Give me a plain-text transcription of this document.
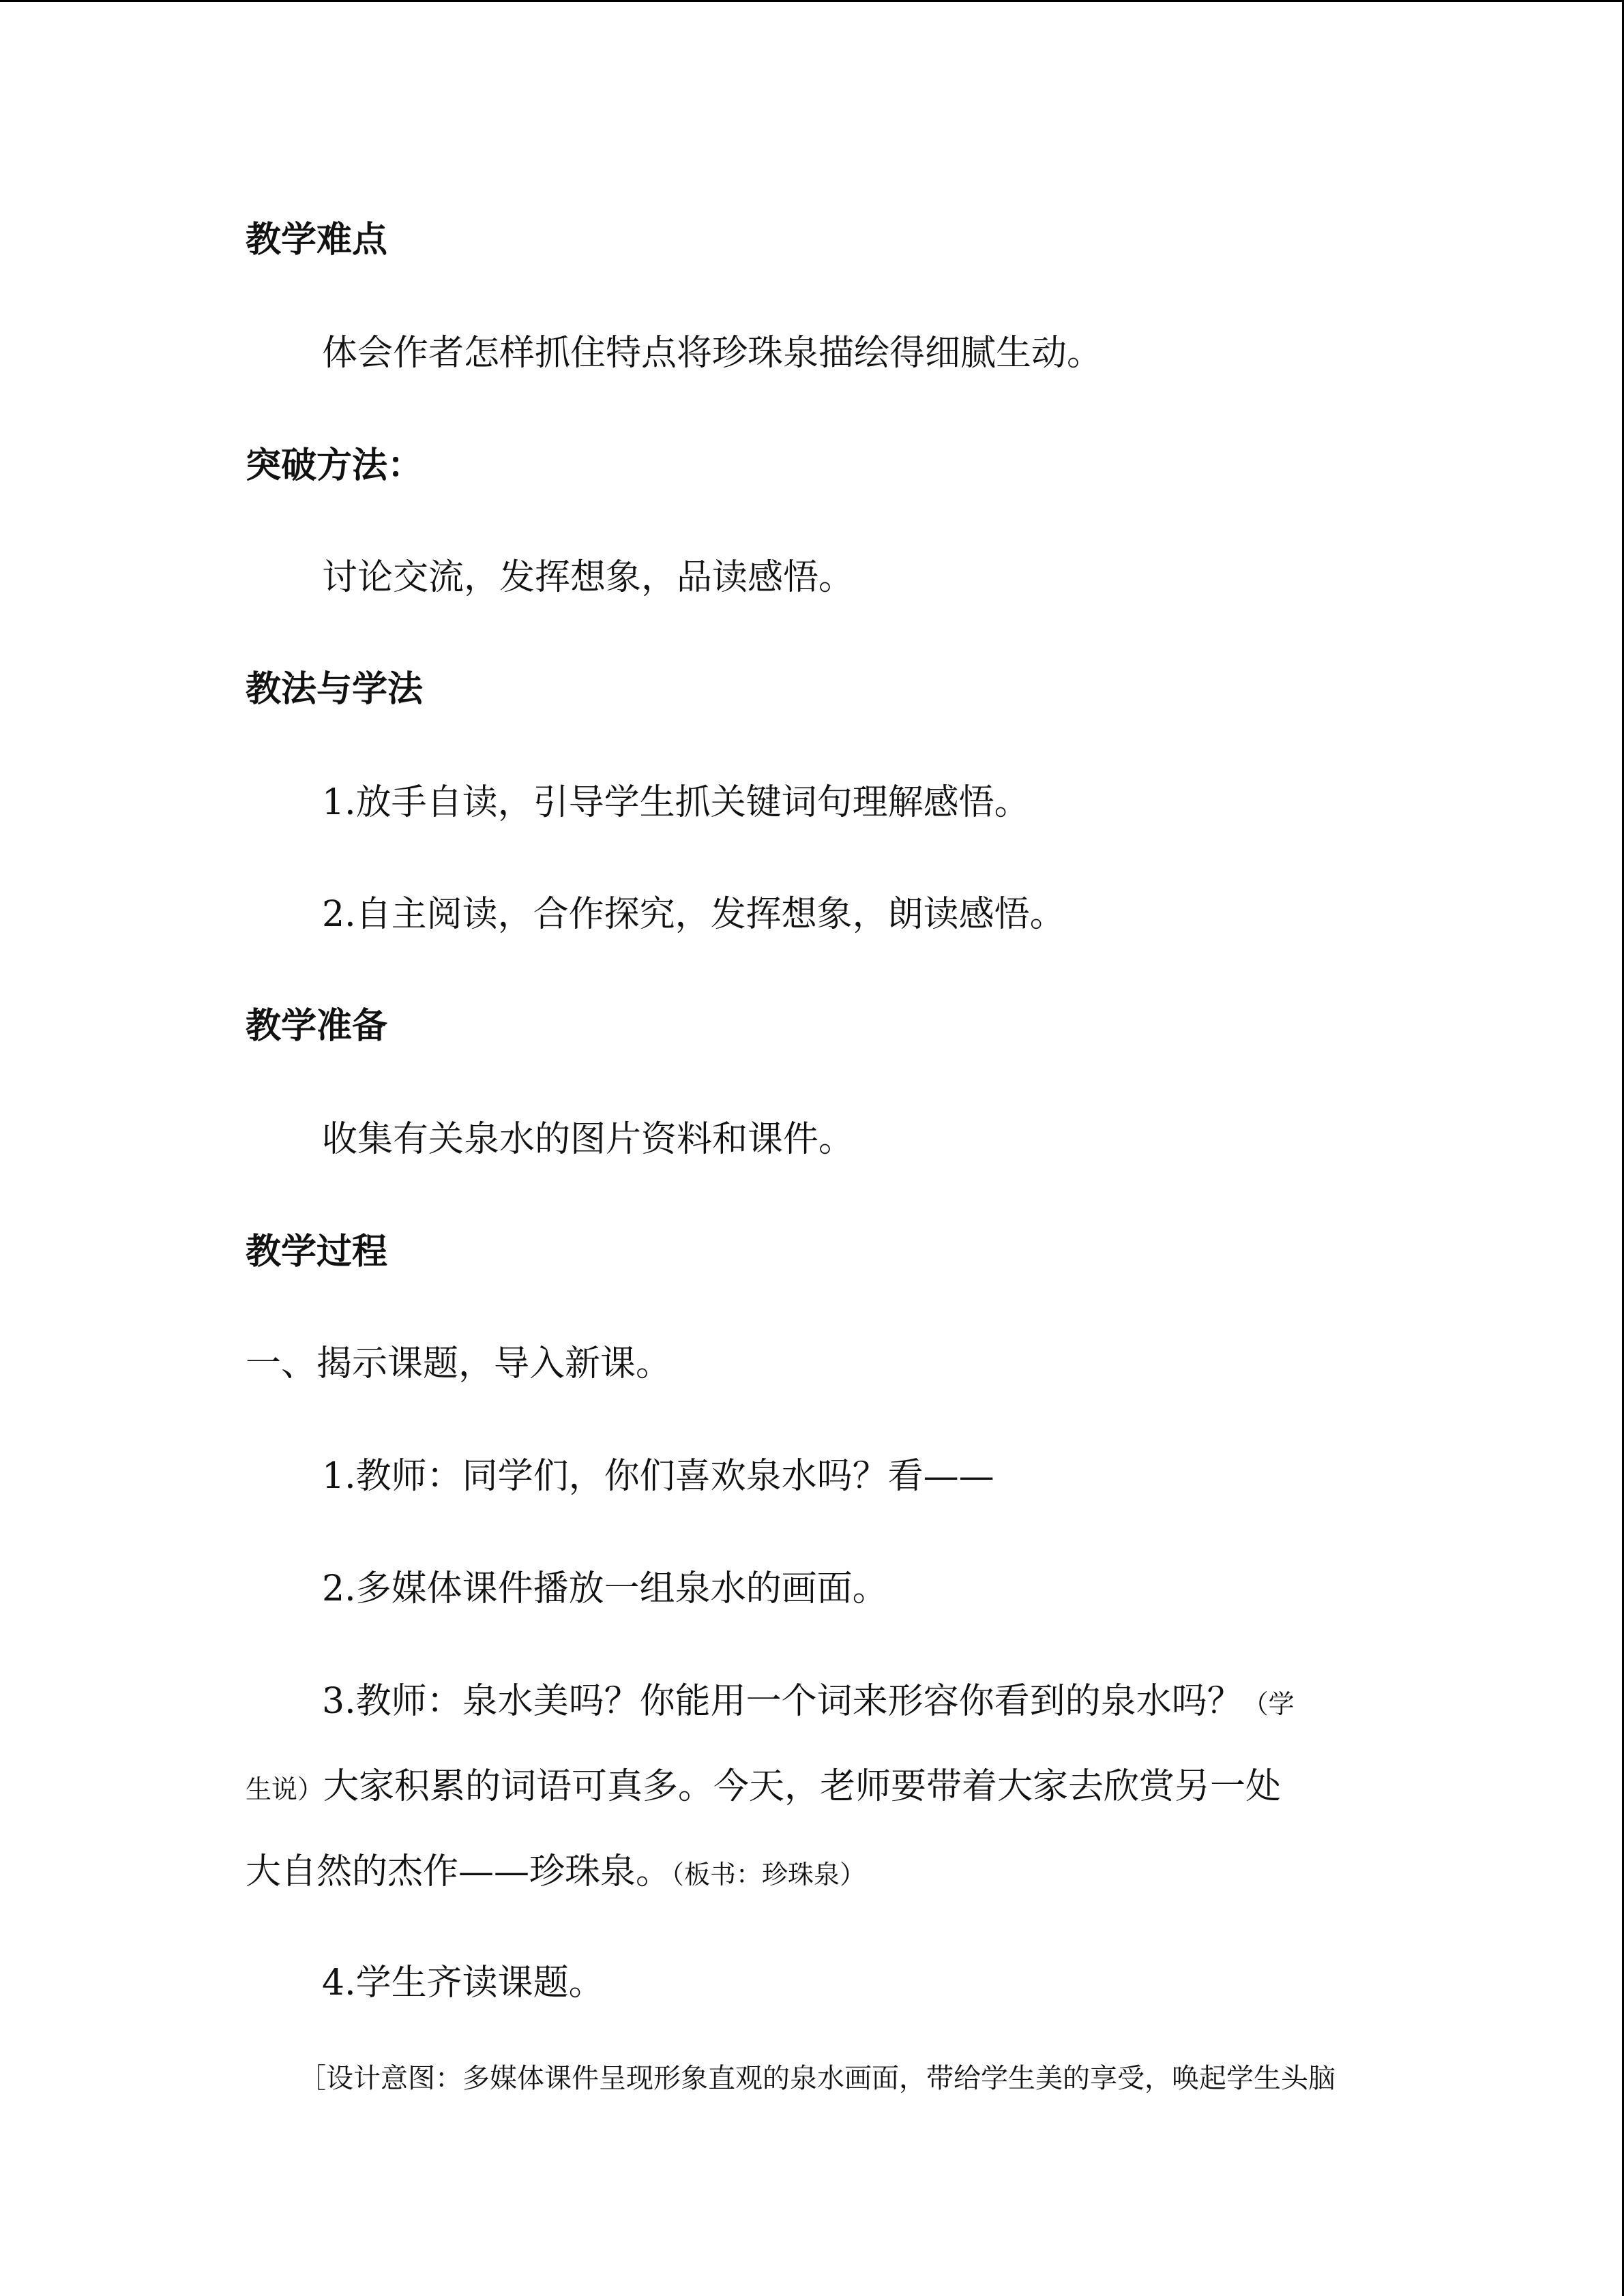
教学难点
体会作者怎样抓住特点将珍珠泉描绘得细腻生动。
突破方法：
讨论交流，发挥想象，品读感悟。
教法与学法
1.放手自读，引导学生抓关键词句理解感悟。
2.自主阅读，合作探究，发挥想象，朗读感悟。
教学准备
收集有关泉水的图片资料和课件。
教学过程
一、揭示课题，导入新课。
1.教师：同学们，你们喜欢泉水吗？看——
2.多媒体课件播放一组泉水的画面。
3.教师：泉水美吗？你能用一个词来形容你看到的泉水吗？（学
生说）大家积累的词语可真多。今天，老师要带着大家去欣赏另一处
大自然的杰作——珍珠泉。（板书：珍珠泉）
4.学生齐读课题。
［设计意图：多媒体课件呈现形象直观的泉水画面，带给学生美的享受，唤起学生头脑
